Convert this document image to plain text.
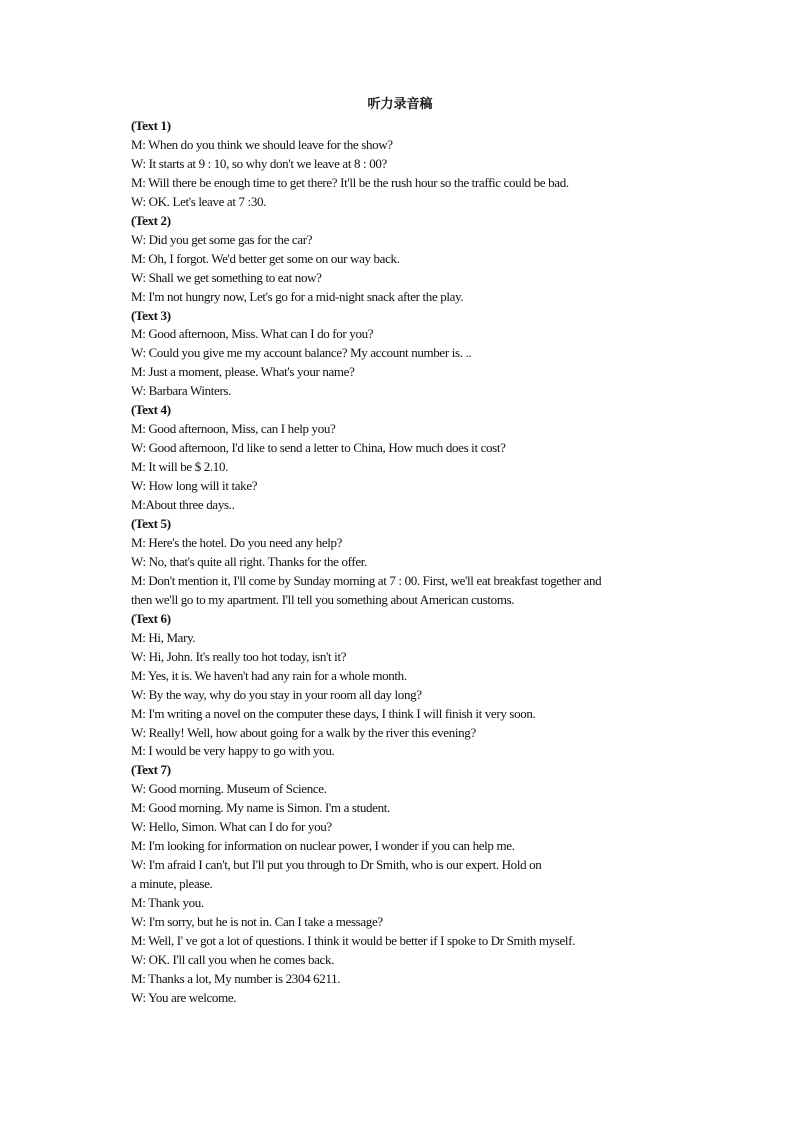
听力录音稿
(Text 1)
M: When do you think we should leave for the show?
W: It starts at 9 : 10, so why don't we leave at 8 : 00?
M: Will there be enough time to get there? It'll be the rush hour so the traffic could be bad.
W: OK. Let's leave at 7 :30.
(Text 2)
W: Did you get some gas for the car?
M: Oh, I forgot. We'd better get some on our way back.
W: Shall we get something to eat now?
M: I'm not hungry now, Let's go for a mid-night snack after the play.
(Text 3)
M: Good afternoon, Miss. What can I do for you?
W: Could you give me my account balance? My account number is. ..
M: Just a moment, please. What's your name?
W: Barbara Winters.
(Text 4)
M: Good afternoon, Miss, can I help you?
W: Good afternoon, I'd like to send a letter to China, How much does it cost?
M: It will be $ 2.10.
W: How long will it take?
M:About three days..
(Text 5)
M: Here's the hotel. Do you need any help?
W: No, that's quite all right. Thanks for the offer.
M: Don't mention it, I'll come by Sunday morning at 7 : 00. First, we'll eat breakfast together and
then we'll go to my apartment. I'll tell you something about American customs.
(Text 6)
M: Hi, Mary.
W: Hi, John. It's really too hot today, isn't it?
M: Yes, it is. We haven't had any rain for a whole month.
W: By the way, why do you stay in your room all day long?
M: I'm writing a novel on the computer these days, I think I will finish it very soon.
W: Really! Well, how about going for a walk by the river this evening?
M: I would be very happy to go with you.
(Text 7)
W: Good morning. Museum of Science.
M: Good morning. My name is Simon. I'm a student.
W: Hello, Simon. What can I do for you?
M: I'm looking for information on nuclear power, I wonder if you can help me.
W: I'm afraid I can't, but I'll put you through to Dr Smith, who is our expert. Hold on
a minute, please.
M: Thank you.
W: I'm sorry, but he is not in. Can I take a message?
M: Well, I' ve got a lot of questions. I think it would be better if I spoke to Dr Smith myself.
W: OK. I'll call you when he comes back.
M: Thanks a lot, My number is 2304 6211.
W: You are welcome.
